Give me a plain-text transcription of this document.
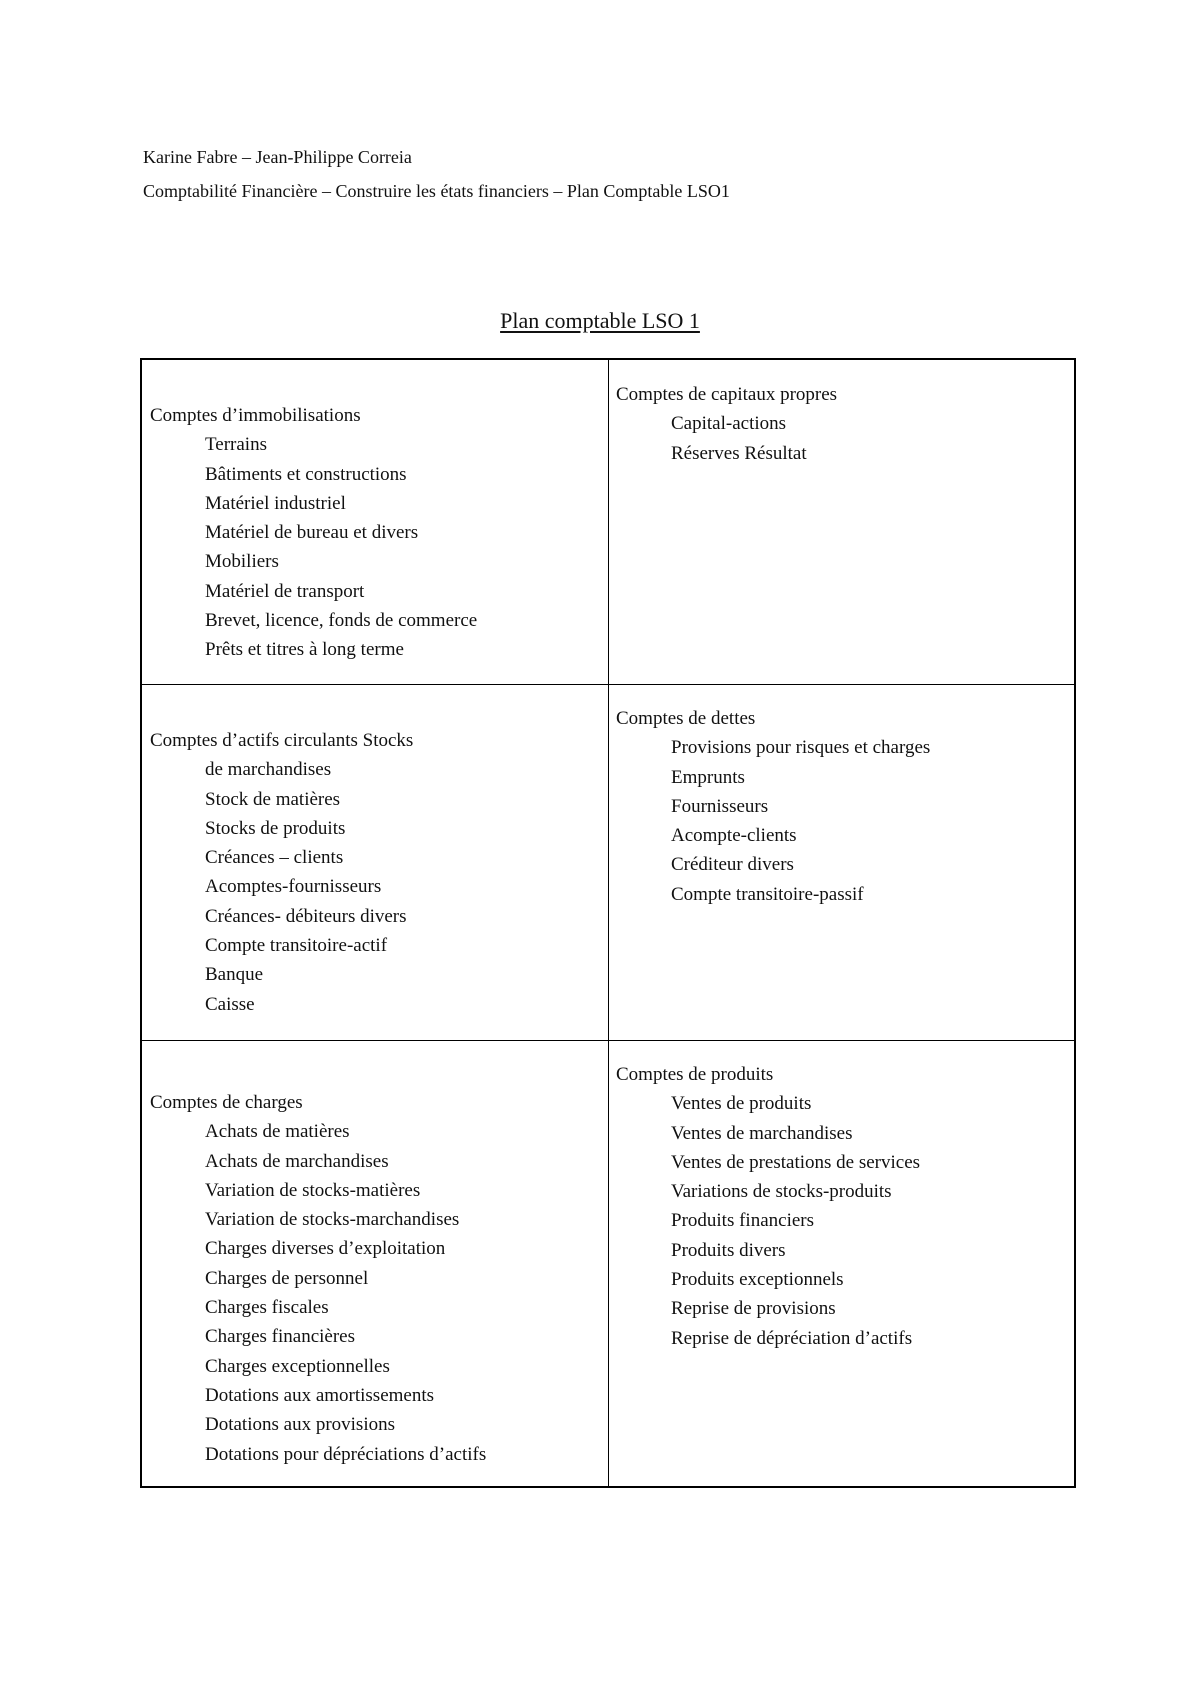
Karine Fabre – Jean-Philippe Correia
Comptabilité Financière – Construire les états financiers – Plan Comptable LSO1
Plan comptable LSO 1
Comptes d’immobilisations
Terrains
Bâtiments et constructions
Matériel industriel
Matériel de bureau et divers
Mobiliers
Matériel de transport
Brevet, licence, fonds de commerce
Prêts et titres à long terme
Comptes de capitaux propres
Capital-actions
Réserves Résultat
Comptes d’actifs circulants Stocks
de marchandises
Stock de matières
Stocks de produits
Créances – clients
Acomptes-fournisseurs
Créances- débiteurs divers
Compte transitoire-actif
Banque
Caisse
Comptes de dettes
Provisions pour risques et charges
Emprunts
Fournisseurs
Acompte-clients
Créditeur divers
Compte transitoire-passif
Comptes de charges
Achats de matières
Achats de marchandises
Variation de stocks-matières
Variation de stocks-marchandises
Charges diverses d’exploitation
Charges de personnel
Charges fiscales
Charges financières
Charges exceptionnelles
Dotations aux amortissements
Dotations aux provisions
Dotations pour dépréciations d’actifs
Comptes de produits
Ventes de produits
Ventes de marchandises
Ventes de prestations de services
Variations de stocks-produits
Produits financiers
Produits divers
Produits exceptionnels
Reprise de provisions
Reprise de dépréciation d’actifs
